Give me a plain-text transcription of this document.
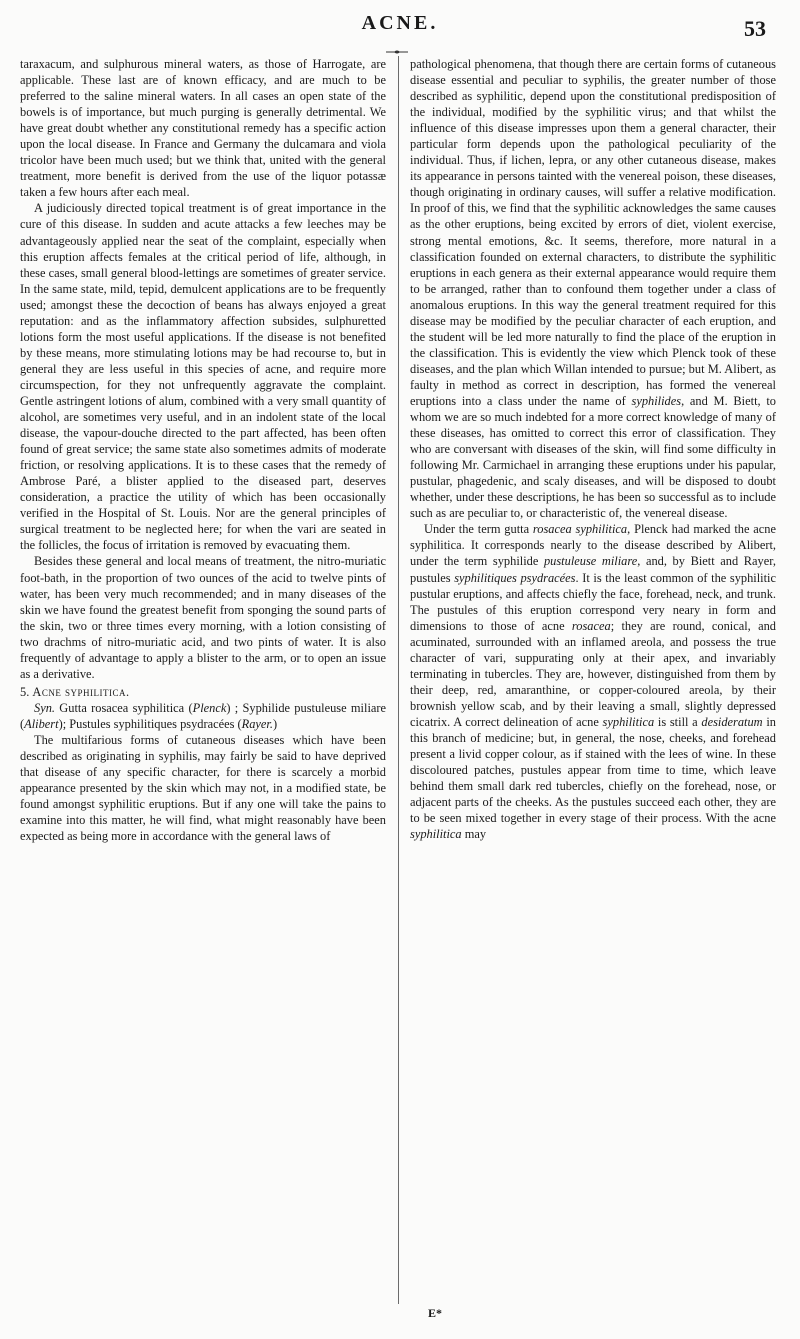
ACNE.	53

taraxacum, and sulphurous mineral waters, as those of Harrogate, are applicable. These last are of known efficacy, and are much to be preferred to the saline mineral waters. In all cases an open state of the bowels is of importance, but much purging is generally detrimental. We have great doubt whether any constitutional remedy has a specific action upon the local disease. In France and Germany the dulcamara and viola tricolor have been much used; but we think that, united with the general treatment, more benefit is derived from the use of the liquor potassæ taken a few hours after each meal.

A judiciously directed topical treatment is of great importance in the cure of this disease. In sudden and acute attacks a few leeches may be advantageously applied near the seat of the complaint, especially when this eruption affects females at the critical period of life, although, in these cases, small general blood-lettings are sometimes of greater service. In the same state, mild, tepid, demulcent applications are to be frequently used; amongst these the decoction of beans has always enjoyed a great reputation: and as the inflammatory affection subsides, sulphuretted lotions form the most useful applications. If the disease is not benefited by these means, more stimulating lotions may be had recourse to, but in general they are less useful in this species of acne, and require more circumspection, for they not unfrequently aggravate the complaint. Gentle astringent lotions of alum, combined with a very small quantity of alcohol, are sometimes very useful, and in an indolent state of the local disease, the vapour-douche directed to the part affected, has been often found of great service; the same state also sometimes admits of moderate friction, or resolving applications. It is to these cases that the remedy of Ambrose Paré, a blister applied to the diseased part, deserves consideration, a practice the utility of which has been occasionally verified in the Hospital of St. Louis. Nor are the general principles of surgical treatment to be neglected here; for when the vari are seated in the follicles, the focus of irritation is removed by evacuating them.

Besides these general and local means of treatment, the nitro-muriatic foot-bath, in the proportion of two ounces of the acid to twelve pints of water, has been very much recommended; and in many diseases of the skin we have found the greatest benefit from sponging the sound parts of the skin, two or three times every morning, with a lotion consisting of two drachms of nitro-muriatic acid, and two pints of water. It is also frequently of advantage to apply a blister to the arm, or to open an issue as a derivative.

5. Acne syphilitica.

Syn. Gutta rosacea syphilitica (Plenck) ; Syphilide pustuleuse miliare (Alibert); Pustules syphilitiques psydracées (Rayer.)

The multifarious forms of cutaneous diseases which have been described as originating in syphilis, may fairly be said to have deprived that disease of any specific character, for there is scarcely a morbid appearance presented by the skin which may not, in a modified state, be found amongst syphilitic eruptions. But if any one will take the pains to examine into this matter, he will find, what might reasonably have been expected as being more in accordance with the general laws of

pathological phenomena, that though there are certain forms of cutaneous disease essential and peculiar to syphilis, the greater number of those described as syphilitic, depend upon the constitutional predisposition of the individual, modified by the syphilitic virus; and that whilst the influence of this disease impresses upon them a general character, their particular form depends upon the pathological peculiarity of the individual. Thus, if lichen, lepra, or any other cutaneous disease, makes its appearance in persons tainted with the venereal poison, these diseases, though originating in ordinary causes, will suffer a relative modification. In proof of this, we find that the syphilitic acknowledges the same causes as the other eruptions, being excited by errors of diet, violent exercise, strong mental emotions, &c. It seems, therefore, more natural in a classification founded on external characters, to distribute the syphilitic eruptions in each genera as their external appearance would require them to be arranged, rather than to confound them together under a class of anomalous eruptions. In this way the general treatment required for this disease may be modified by the peculiar character of each eruption, and the student will be led more naturally to find the place of the eruption in the classification. This is evidently the view which Plenck took of these diseases, and the plan which Willan intended to pursue; but M. Alibert, as faulty in method as correct in description, has formed the venereal eruptions into a class under the name of syphilides, and M. Biett, to whom we are so much indebted for a more correct knowledge of many of these diseases, has omitted to correct this error of classification. They who are conversant with diseases of the skin, will find some difficulty in following Mr. Carmichael in arranging these eruptions under his papular, pustular, phagedenic, and scaly diseases, and will be disposed to doubt whether, under these descriptions, he has been so successful as to include such as are peculiar to, or characteristic of, the venereal disease.

Under the term gutta rosacea syphilitica, Plenck had marked the acne syphilitica. It corresponds nearly to the disease described by Alibert, under the term syphilide pustuleuse miliare, and, by Biett and Rayer, pustules syphilitiques psydracées. It is the least common of the syphilitic pustular eruptions, and affects chiefly the face, forehead, neck, and trunk. The pustules of this eruption correspond very neary in form and dimensions to those of acne rosacea; they are round, conical, and acuminated, surrounded with an inflamed areola, and possess the true character of vari, suppurating only at their apex, and invariably terminating in tubercles. They are, however, distinguished from them by their deep, red, amaranthine, or copper-coloured areola, by their brownish yellow scab, and by their leaving a small, slightly depressed cicatrix. A correct delineation of acne syphilitica is still a desideratum in this branch of medicine; but, in general, the nose, cheeks, and forehead present a livid copper colour, as if stained with the lees of wine. In these discoloured patches, pustules appear from time to time, which leave behind them small dark red tubercles, chiefly on the forehead, nose, or adjacent parts of the cheeks. As the pustules succeed each other, they are to be seen mixed together in every stage of their process. With the acne syphilitica may

E*
